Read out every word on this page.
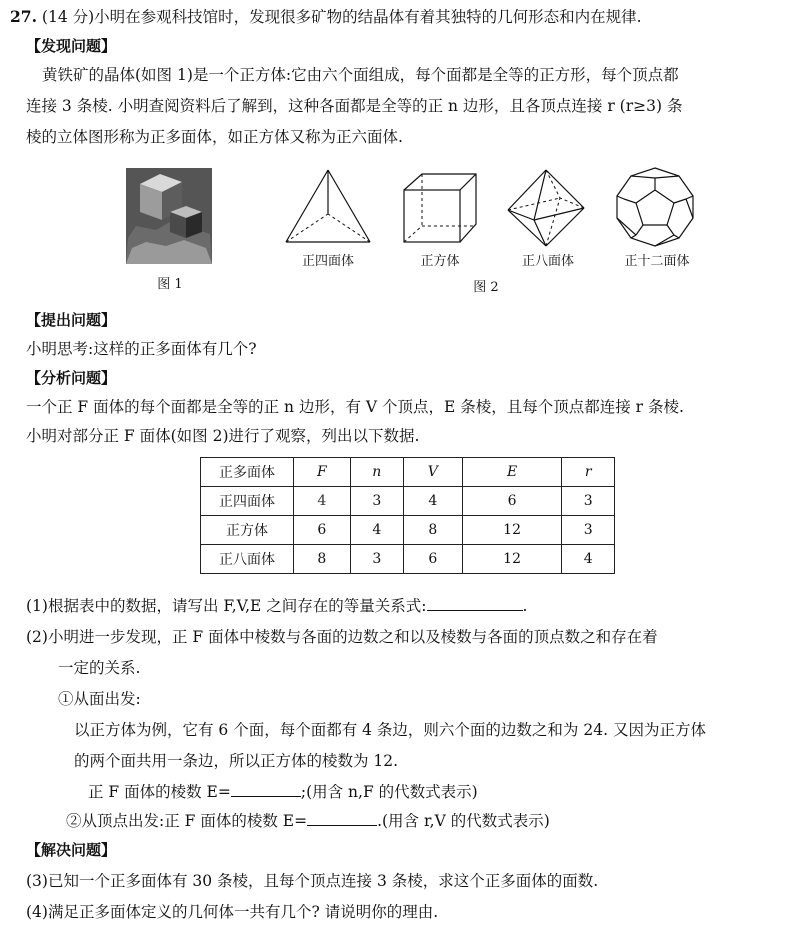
27. (14 分)小明在参观科技馆时，发现很多矿物的结晶体有着其独特的几何形态和内在规律.
【发现问题】
黄铁矿的晶体(如图 1)是一个正方体:它由六个面组成，每个面都是全等的正方形，每个顶点都
连接 3 条棱. 小明查阅资料后了解到，这种各面都是全等的正 n 边形，且各顶点连接 r (r≥3) 条
棱的立体图形称为正多面体，如正方体又称为正六面体.
图 1
正四面体	正方体	正八面体	正十二面体
图 2
【提出问题】
小明思考:这样的正多面体有几个?
【分析问题】
一个正 F 面体的每个面都是全等的正 n 边形，有 V 个顶点，E 条棱，且每个顶点都连接 r 条棱.
小明对部分正 F 面体(如图 2)进行了观察，列出以下数据.
正多面体	F	n	V	E	r
正四面体	4	3	4	6	3
正方体	6	4	8	12	3
正八面体	8	3	6	12	4
(1)根据表中的数据，请写出 F,V,E 之间存在的等量关系式:	.
(2)小明进一步发现，正 F 面体中棱数与各面的边数之和以及棱数与各面的顶点数之和存在着
一定的关系.
①从面出发:
以正方体为例，它有 6 个面，每个面都有 4 条边，则六个面的边数之和为 24. 又因为正方体
的两个面共用一条边，所以正方体的棱数为 12.
正 F 面体的棱数 E=	;(用含 n,F 的代数式表示)
②从顶点出发:正 F 面体的棱数 E=	.(用含 r,V 的代数式表示)
【解决问题】
(3)已知一个正多面体有 30 条棱，且每个顶点连接 3 条棱，求这个正多面体的面数.
(4)满足正多面体定义的几何体一共有几个? 请说明你的理由.
